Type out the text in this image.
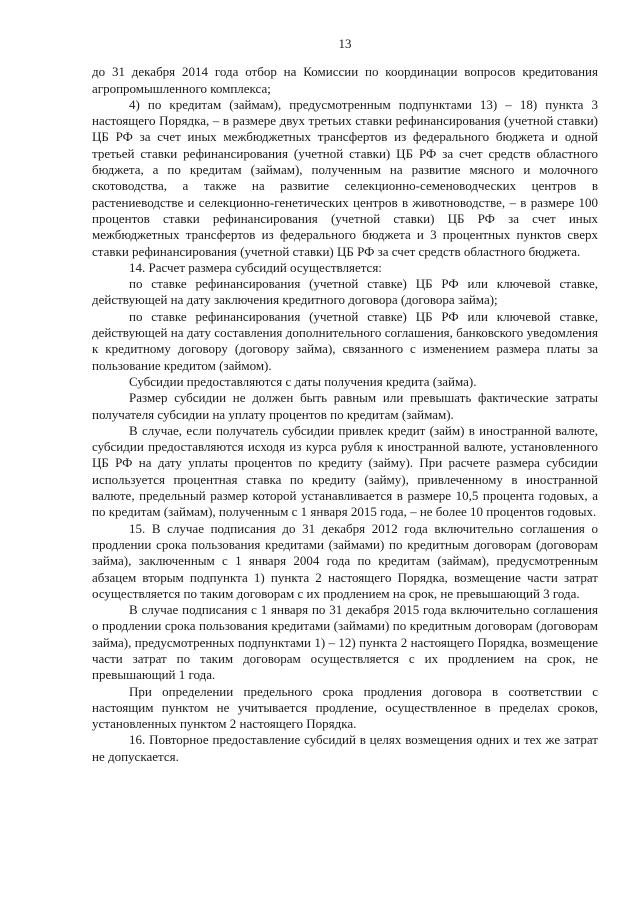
13

до 31 декабря 2014 года отбор на Комиссии по координации вопросов кредитования агропромышленного комплекса;

4) по кредитам (займам), предусмотренным подпунктами 13) – 18) пункта 3 настоящего Порядка, – в размере двух третьих ставки рефинансирования (учетной ставки) ЦБ РФ за счет иных межбюджетных трансфертов из федерального бюджета и одной третьей ставки рефинансирования (учетной ставки) ЦБ РФ за счет средств областного бюджета, а по кредитам (займам), полученным на развитие мясного и молочного скотоводства, а также на развитие селекционно-семеноводческих центров в растениеводстве и селекционно-генетических центров в животноводстве, – в размере 100 процентов ставки рефинансирования (учетной ставки) ЦБ РФ за счет иных межбюджетных трансфертов из федерального бюджета и 3 процентных пунктов сверх ставки рефинансирования (учетной ставки) ЦБ РФ за счет средств областного бюджета.

14. Расчет размера субсидий осуществляется:

по ставке рефинансирования (учетной ставке) ЦБ РФ или ключевой ставке, действующей на дату заключения кредитного договора (договора займа);

по ставке рефинансирования (учетной ставке) ЦБ РФ или ключевой ставке, действующей на дату составления дополнительного соглашения, банковского уведомления к кредитному договору (договору займа), связанного с изменением размера платы за пользование кредитом (займом).

Субсидии предоставляются с даты получения кредита (займа).

Размер субсидии не должен быть равным или превышать фактические затраты получателя субсидии на уплату процентов по кредитам (займам).

В случае, если получатель субсидии привлек кредит (займ) в иностранной валюте, субсидии предоставляются исходя из курса рубля к иностранной валюте, установленного ЦБ РФ на дату уплаты процентов по кредиту (займу). При расчете размера субсидии используется процентная ставка по кредиту (займу), привлеченному в иностранной валюте, предельный размер которой устанавливается в размере 10,5 процента годовых, а по кредитам (займам), полученным с 1 января 2015 года, – не более 10 процентов годовых.

15. В случае подписания до 31 декабря 2012 года включительно соглашения о продлении срока пользования кредитами (займами) по кредитным договорам (договорам займа), заключенным с 1 января 2004 года по кредитам (займам), предусмотренным абзацем вторым подпункта 1) пункта 2 настоящего Порядка, возмещение части затрат осуществляется по таким договорам с их продлением на срок, не превышающий 3 года.

В случае подписания с 1 января по 31 декабря 2015 года включительно соглашения о продлении срока пользования кредитами (займами) по кредитным договорам (договорам займа), предусмотренных подпунктами 1) – 12) пункта 2 настоящего Порядка, возмещение части затрат по таким договорам осуществляется с их продлением на срок, не превышающий 1 года.

При определении предельного срока продления договора в соответствии с настоящим пунктом не учитывается продление, осуществленное в пределах сроков, установленных пунктом 2 настоящего Порядка.

16. Повторное предоставление субсидий в целях возмещения одних и тех же затрат не допускается.
